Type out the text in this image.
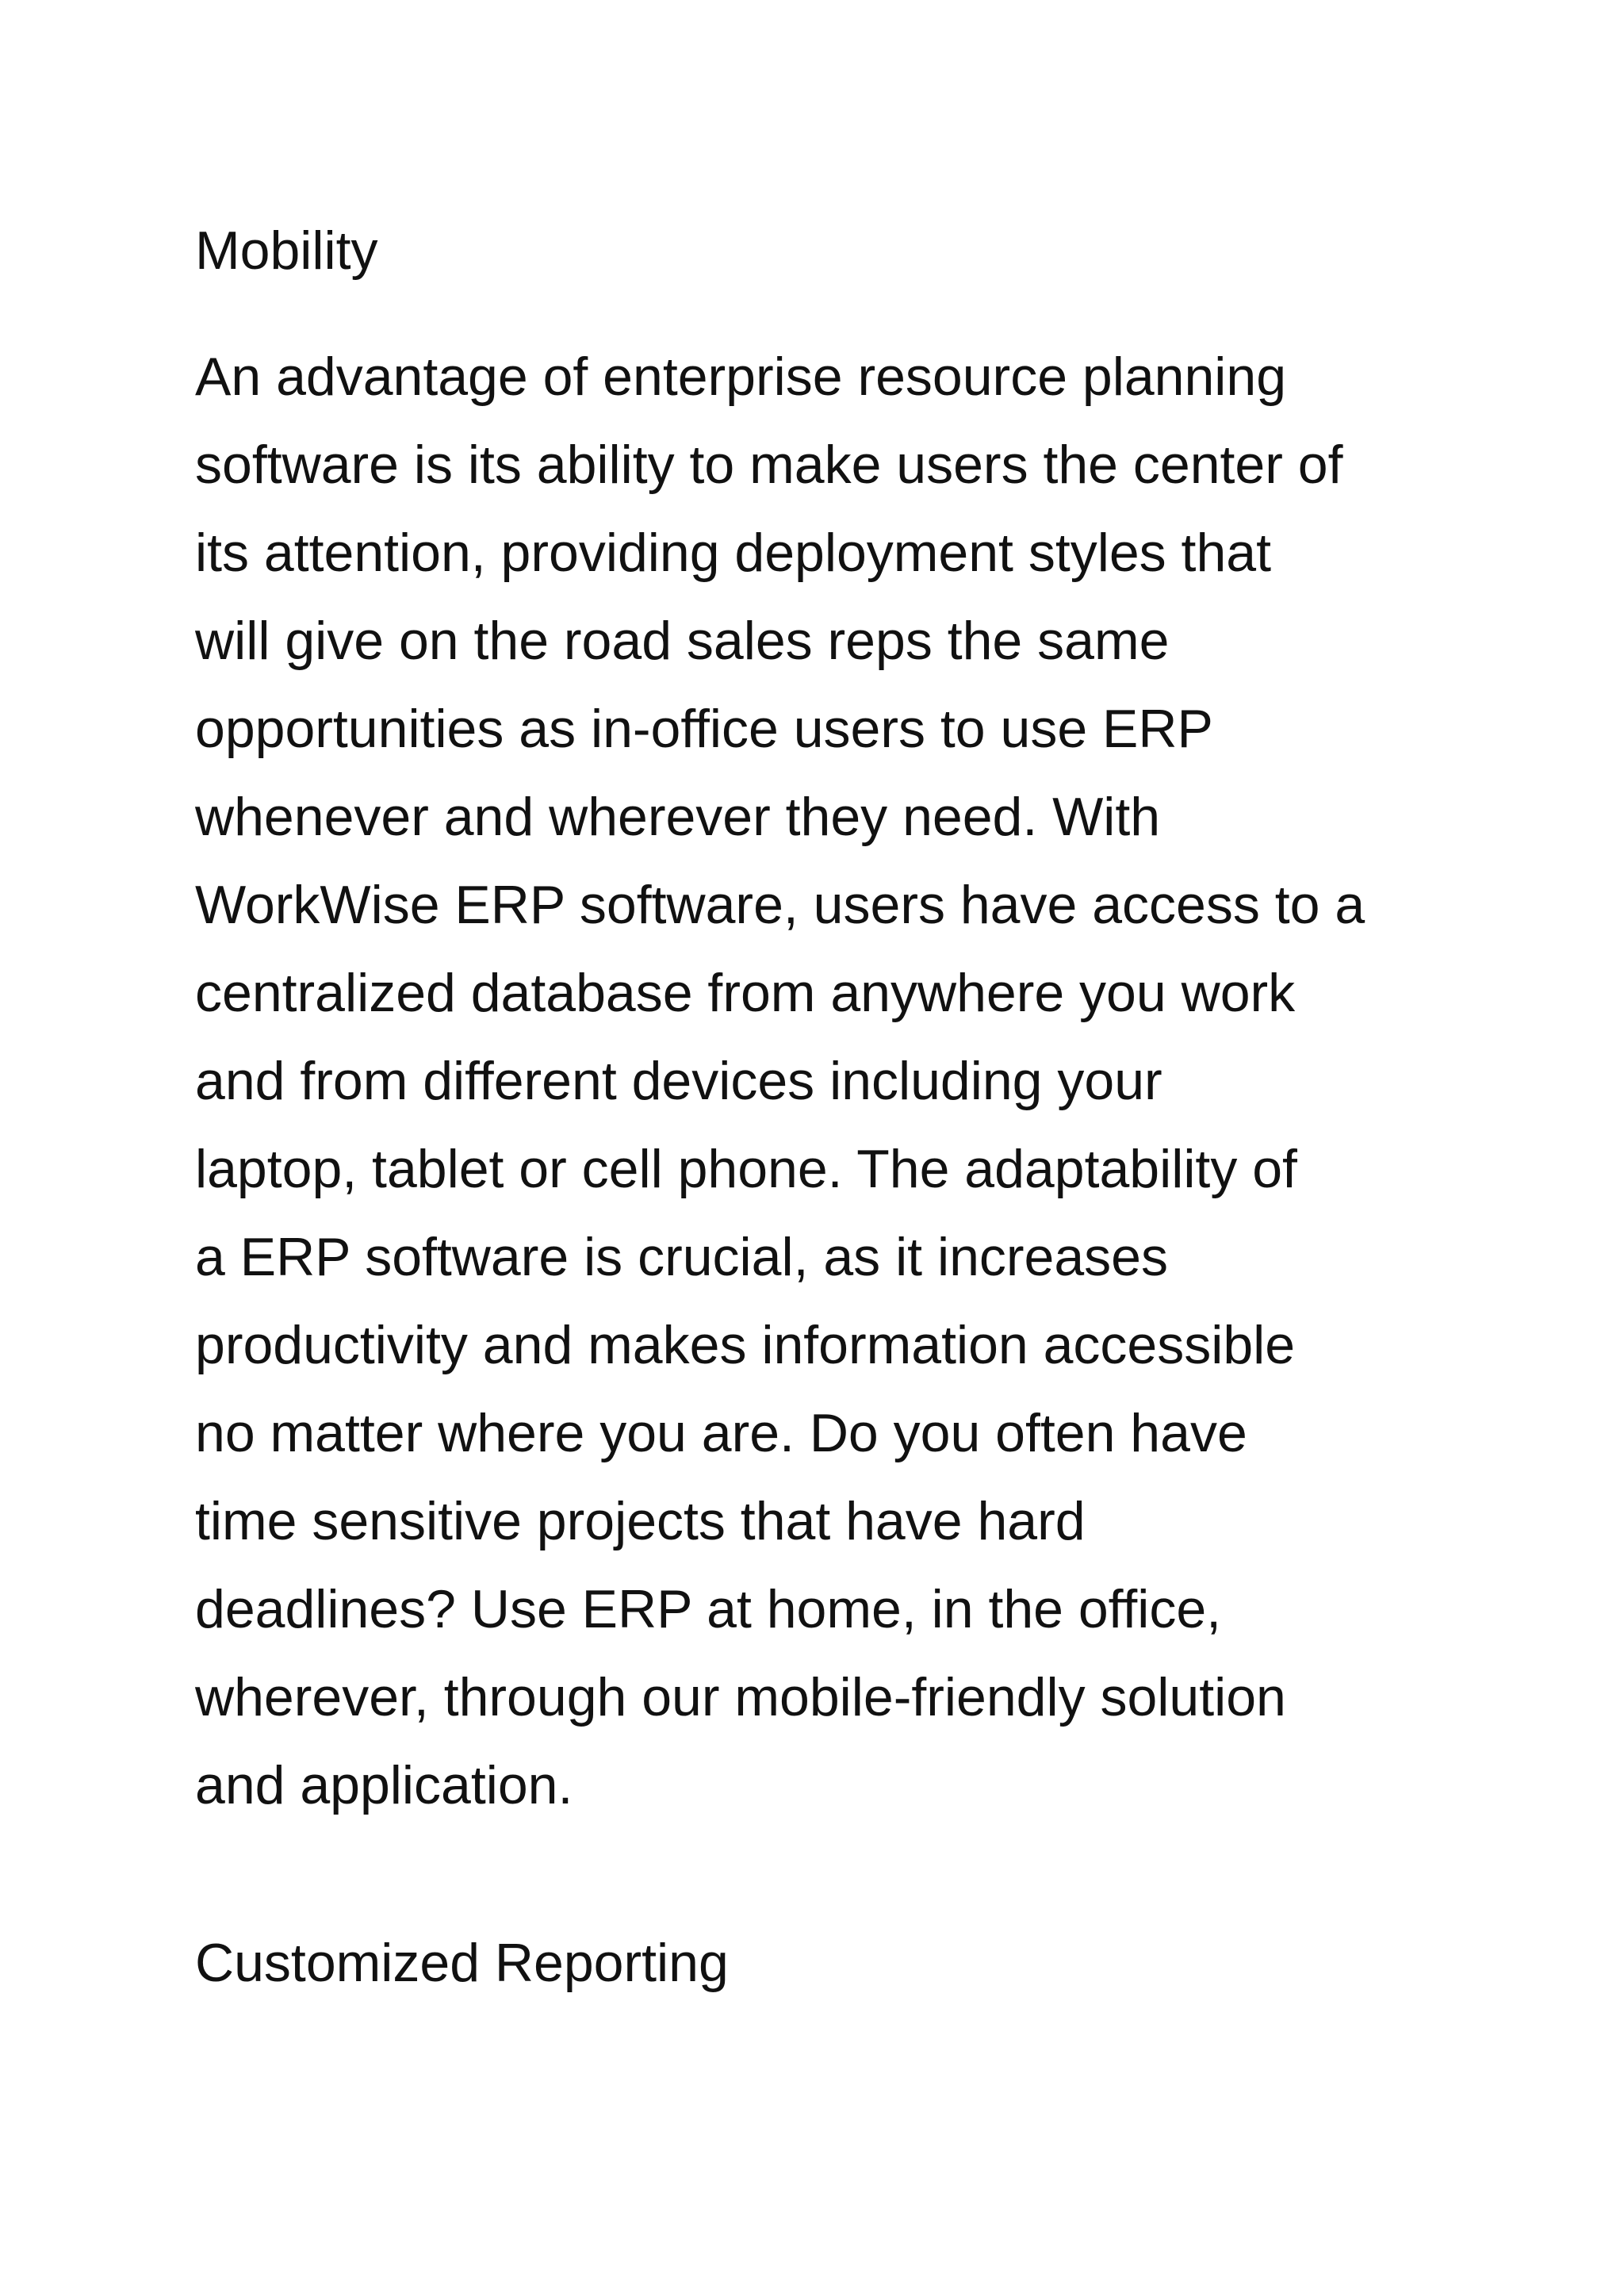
Mobility
An advantage of enterprise resource planning
software is its ability to make users the center of
its attention, providing deployment styles that
will give on the road sales reps the same
opportunities as in-office users to use ERP
whenever and wherever they need. With
WorkWise ERP software, users have access to a
centralized database from anywhere you work
and from different devices including your
laptop, tablet or cell phone. The adaptability of
a ERP software is crucial, as it increases
productivity and makes information accessible
no matter where you are. Do you often have
time sensitive projects that have hard
deadlines? Use ERP at home, in the office,
wherever, through our mobile-friendly solution
and application.
Customized Reporting
